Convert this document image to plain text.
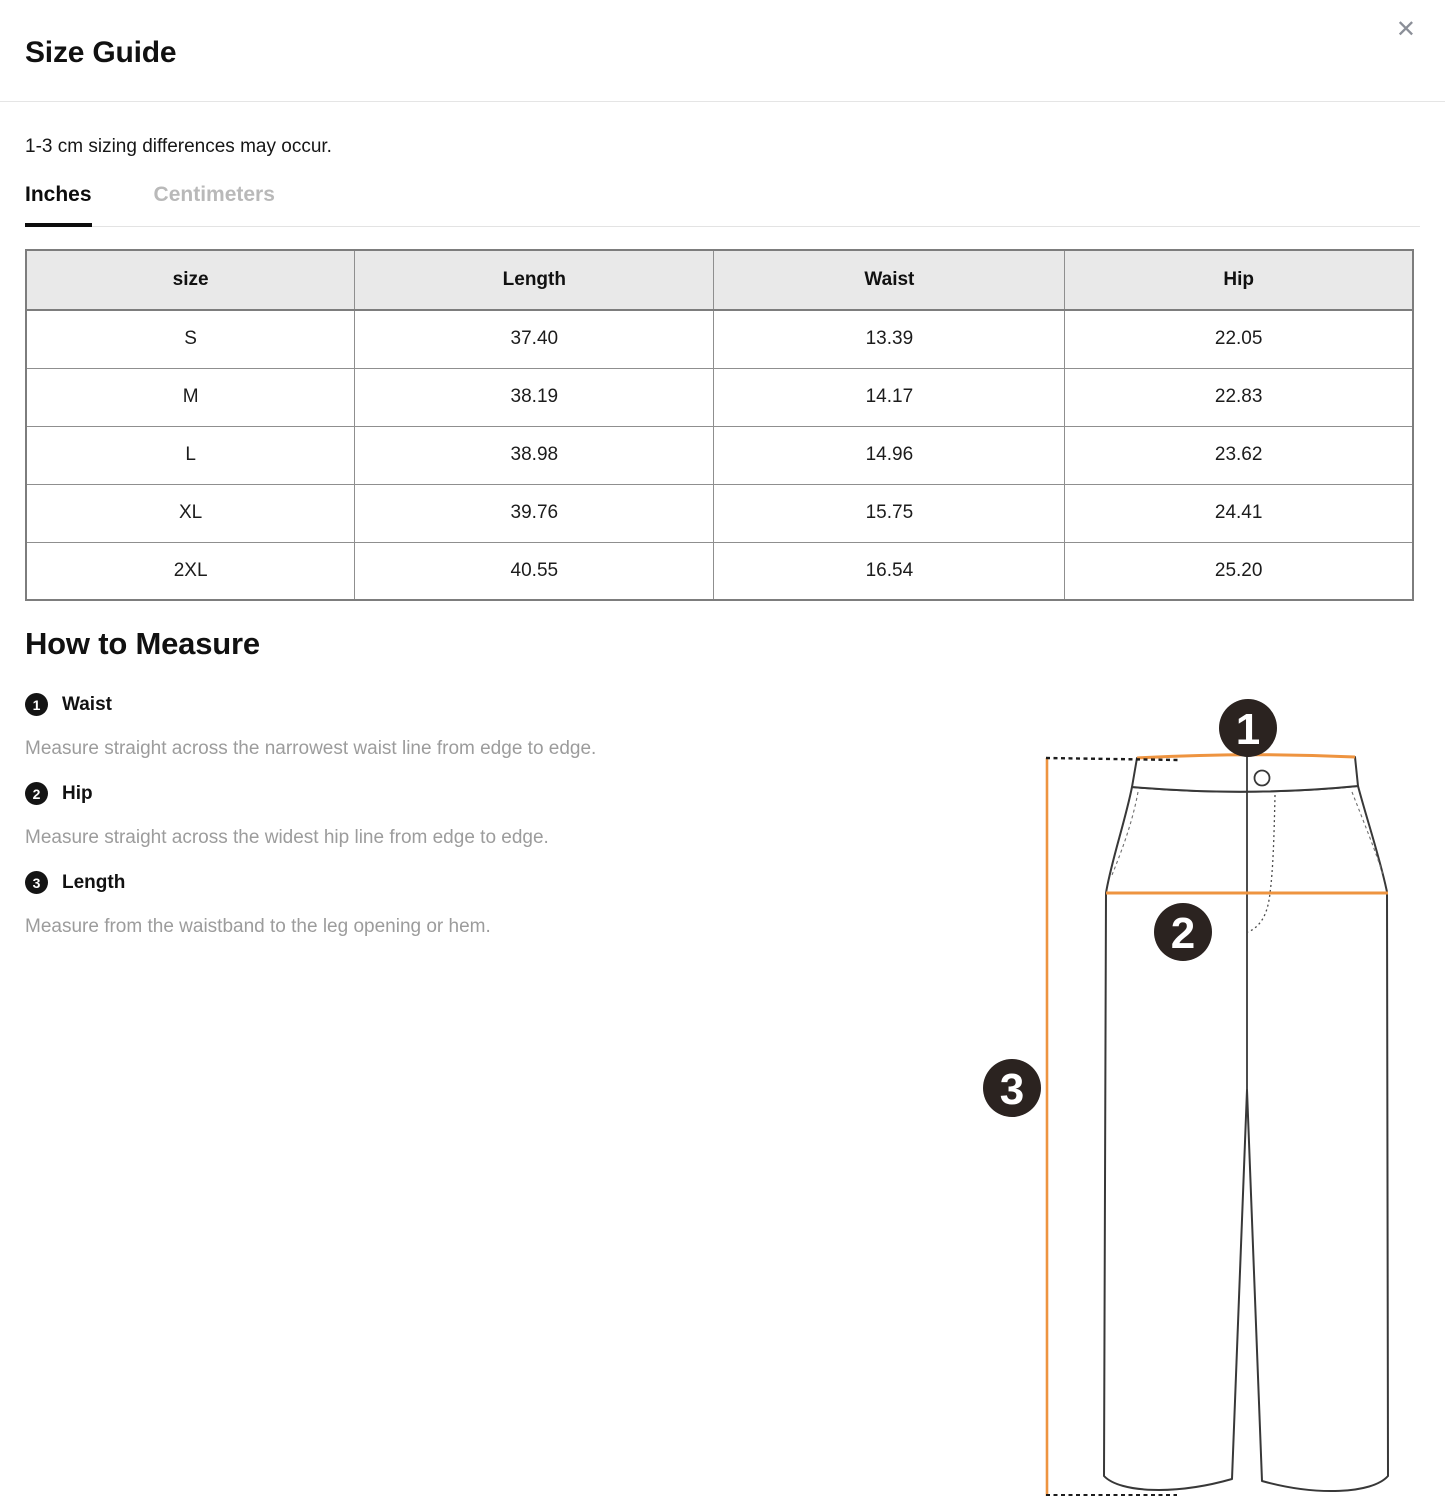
Size Guide
✕

1-3 cm sizing differences may occur.

Inches	Centimeters
size	Length	Waist	Hip
S	37.40	13.39	22.05
M	38.19	14.17	22.83
L	38.98	14.96	23.62
XL	39.76	15.75	24.41
2XL	40.55	16.54	25.20
How to Measure
1	Waist

Measure straight across the narrowest waist line from edge to edge.

2	Hip

Measure straight across the widest hip line from edge to edge.

3	Length

Measure from the waistband to the leg opening or hem.

1
2
3
